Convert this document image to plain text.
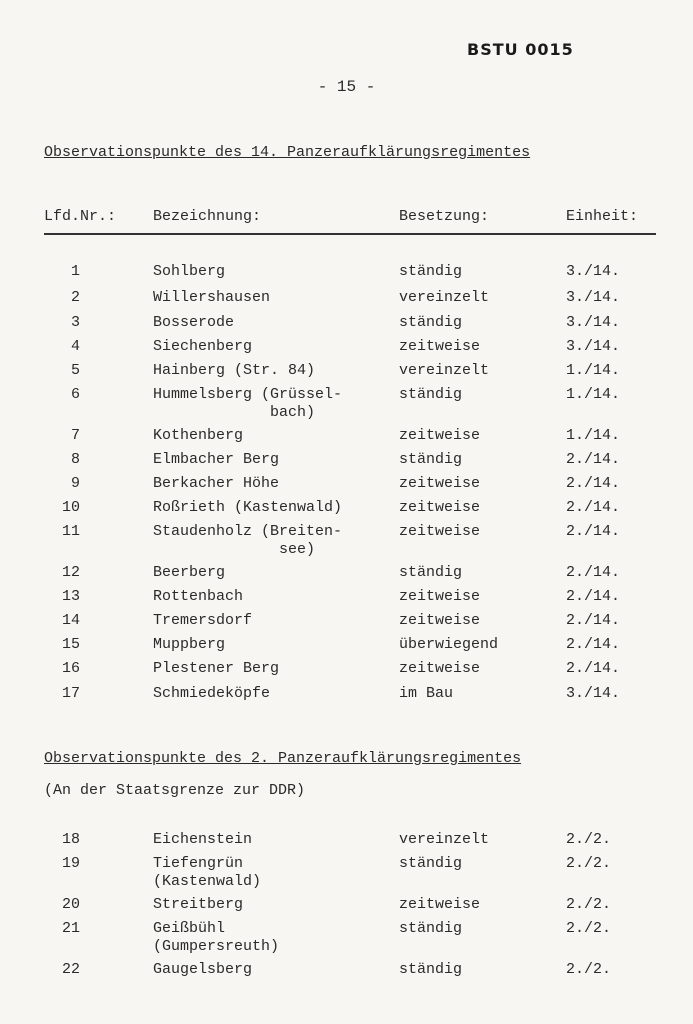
BSTU 0015
- 15 -
Observationspunkte des 14. Panzeraufklärungsregimentes
Lfd.Nr.: Bezeichnung:	Besetzung:	Einheit:
1	Sohlberg	ständig	3./14.
2	Willershausen	vereinzelt	3./14.
3	Bosserode	ständig	3./14.
4	Siechenberg	zeitweise	3./14.
5	Hainberg (Str. 84)	vereinzelt	1./14.
6	Hummelsberg (Grüssel-	ständig	1./14.
bach)
7	Kothenberg	zeitweise	1./14.
8	Elmbacher Berg	ständig	2./14.
9	Berkacher Höhe	zeitweise	2./14.
10	Roßrieth (Kastenwald)	zeitweise	2./14.
11	Staudenholz (Breiten-	zeitweise	2./14.
see)
12	Beerberg	ständig	2./14.
13	Rottenbach	zeitweise	2./14.
14	Tremersdorf	zeitweise	2./14.
15	Muppberg	überwiegend	2./14.
16	Plestener Berg	zeitweise	2./14.
17	Schmiedeköpfe	im Bau	3./14.
Observationspunkte des 2. Panzeraufklärungsregimentes
(An der Staatsgrenze zur DDR)
18	Eichenstein	vereinzelt	2./2.
19	Tiefengrün	ständig	2./2.
(Kastenwald)
20	Streitberg	zeitweise	2./2.
21	Geißbühl	ständig	2./2.
(Gumpersreuth)
22	Gaugelsberg	ständig	2./2.
